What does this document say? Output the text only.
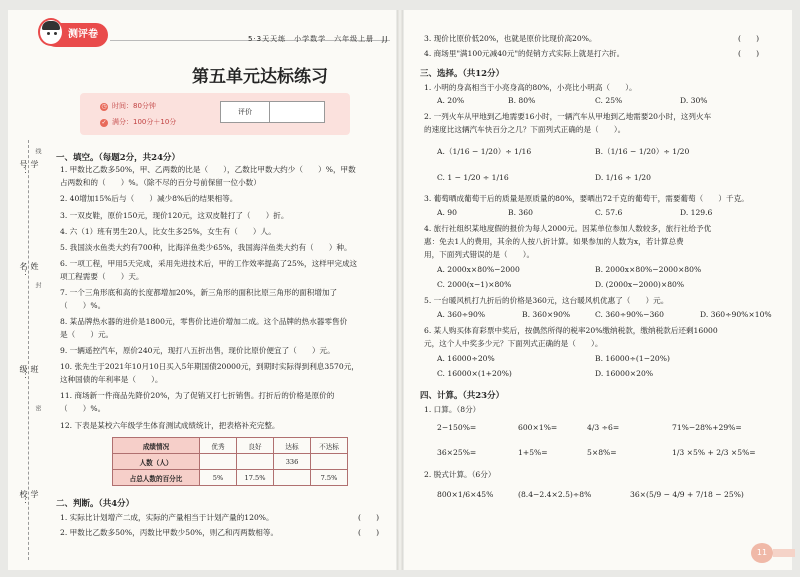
测评卷	5·3天天练　小学数学　六年级上册　JJ
第五单元达标练习
◷ 时间：80分钟
✓ 满分：100分＋10分
评价	
学号：
线
姓名：
封
班级：
密
学校：
一、填空。（每题2分，共24分）
1. 甲数比乙数多50%，甲、乙两数的比是（　　），乙数比甲数大约少（　　）%，甲数
占两数和的（　　）%。（除不尽的百分号前保留一位小数）
2. 40增加15%后与（　　）减少8%后的结果相等。
3. 一双皮鞋，原价150元，现价120元，这双皮鞋打了（　　）折。
4. 六（1）班有男生20人，比女生多25%，女生有（　　）人。
5. 我国淡水鱼类大约有700种，比海洋鱼类少65%，我国海洋鱼类大约有（　　）种。
6. 一项工程，甲用5天完成，采用先进技术后，甲的工作效率提高了25%，这样甲完成这
项工程需要（　　）天。
7. 一个三角形底和高的长度都增加20%，新三角形的面积比原三角形的面积增加了
（　　）%。
8. 某品牌热水器的进价是1800元，零售价比进价增加二成。这个品牌的热水器零售价
是（　　）元。
9. 一辆遥控汽车，原价240元，现打八五折出售，现价比原价便宜了（　　）元。
10. 张先生于2021年10月10日买入5年期国债20000元，到期时实际得到利息3570元，
这种国债的年利率是（　　）。
11. 商场新一件商品先降价20%，为了促销又打七折销售。打折后的价格是原价的
（　　）%。
12. 下表是某校六年级学生体育测试成绩统计，把表格补充完整。
成绩情况	优秀	良好	达标	不达标
人数（人）			336	
占总人数的百分比	5%	17.5%		7.5%
二、判断。（共4分）
1. 实际比计划增产二成，实际的产量相当于计划产量的120%。	(　　)
2. 甲数比乙数多50%，丙数比甲数少50%，则乙和丙两数相等。	(　　)
3. 现价比原价低20%，也就是原价比现价高20%。	(　　)
4. 商场里"满100元减40元"的促销方式实际上就是打六折。	(　　)
三、选择。（共12分）
1. 小明的身高相当于小亮身高的80%，小亮比小明高（　　）。
A. 20%	B. 80%	C. 25%	D. 30%
2. 一列火车从甲地到乙地需要16小时，一辆汽车从甲地到乙地需要20小时，这列火车
的速度比这辆汽车快百分之几？下面列式正确的是（　　）。
A.（1/16 − 1/20）÷ 1/16	B.（1/16 − 1/20）÷ 1/20
C. 1 − 1/20 ÷ 1/16	D. 1/16 ÷ 1/20
3. 葡萄晒成葡萄干后的质量是原质量的80%，要晒出72千克的葡萄干，需要葡萄（　　）千克。
A. 90	B. 360	C. 57.6	D. 129.6
4. 旅行社组织某地度假的报价为每人2000元。因某单位参加人数较多，旅行社给予优
惠：免去1人的费用，其余的人按八折计算。如果参加的人数为x，若计算总费
用，下面列式错误的是（　　）。
A. 2000x×80%−2000	B. 2000x×80%−2000×80%
C. 2000(x−1)×80%	D. (2000x−2000)×80%
5. 一台暖风机打九折后的价格是360元，这台暖风机优惠了（　　）元。
A. 360÷90%	B. 360×90%	C. 360÷90%−360	D. 360÷90%×10%
6. 某人购买体育彩票中奖后，按偶然所得的税率20%缴纳税款，缴纳税款后还剩16000
元，这个人中奖多少元？下面列式正确的是（　　）。
A. 16000÷20%	B. 16000÷(1−20%)
C. 16000×(1+20%)	D. 16000×20%
四、计算。（共23分）
1. 口算。（8分）
2−150%=	600×1%=	4/3 ÷6=	71%−28%+29%=
36×25%=	1+5%=	5×8%=	1/3 ×5% + 2/3 ×5%=
2. 脱式计算。（6分）
800×1/6×45%	(8.4−2.4×2.5)÷8%	36×(5/9 − 4/9 + 7/18 − 25%)
11
